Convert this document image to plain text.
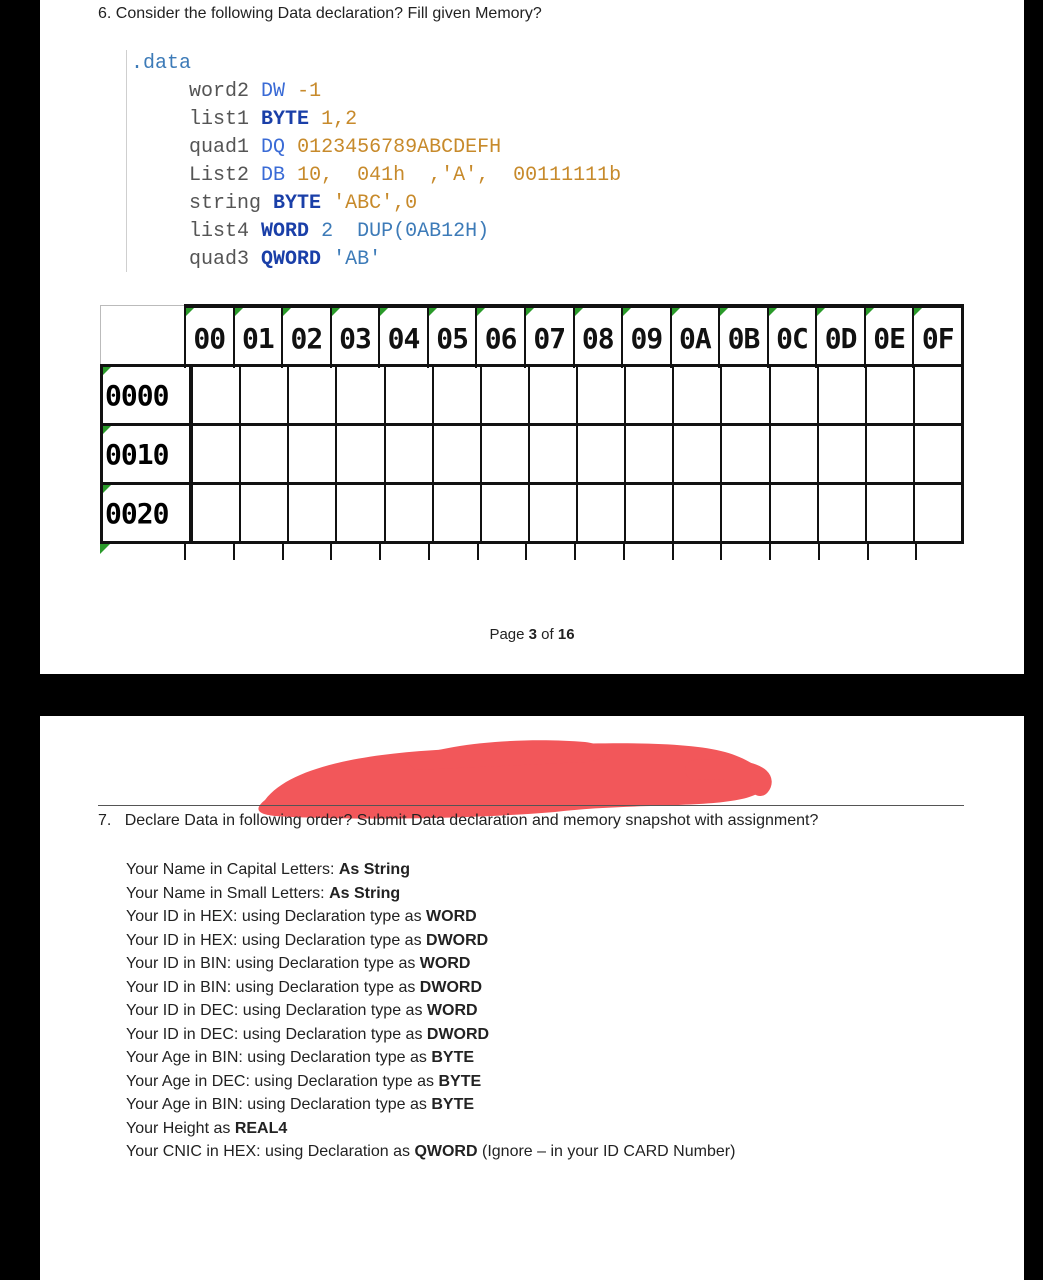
6. Consider the following Data declaration? Fill given Memory?
.data
word2 DW -1
list1 BYTE 1,2
quad1 DQ 0123456789ABCDEFH
List2 DB 10,  041h  ,'A',  00111111b
string BYTE 'ABC',0
list4 WORD 2  DUP(0AB12H)
quad3 QWORD 'AB'
00 01 02 03 04 05 06 07 08 09 0A 0B 0C 0D 0E 0F
0000
0010
0020
Page 3 of 16
7. Declare Data in following order? Submit Data declaration and memory snapshot with assignment?
Your Name in Capital Letters: As String
Your Name in Small Letters: As String
Your ID in HEX: using Declaration type as WORD
Your ID in HEX: using Declaration type as DWORD
Your ID in BIN: using Declaration type as WORD
Your ID in BIN: using Declaration type as DWORD
Your ID in DEC: using Declaration type as WORD
Your ID in DEC: using Declaration type as DWORD
Your Age in BIN: using Declaration type as BYTE
Your Age in DEC: using Declaration type as BYTE
Your Age in BIN: using Declaration type as BYTE
Your Height as REAL4
Your CNIC in HEX: using Declaration as QWORD (Ignore – in your ID CARD Number)
